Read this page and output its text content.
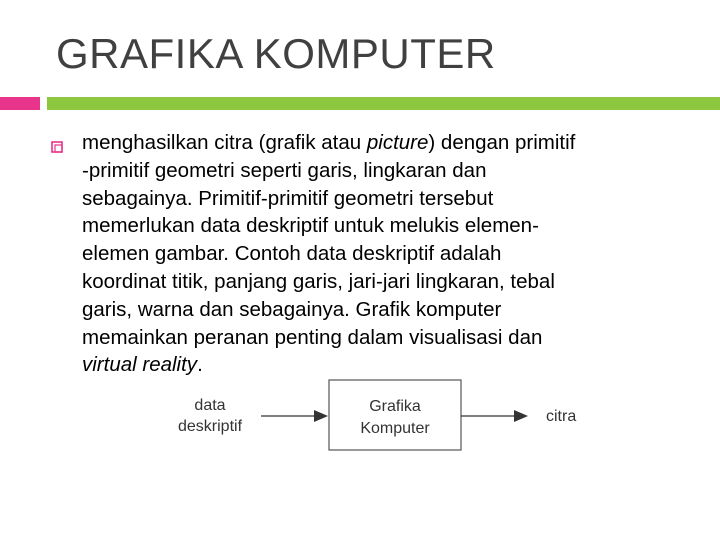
GRAFIKA KOMPUTER
menghasilkan citra (grafik atau picture) dengan primitif
-primitif geometri seperti garis, lingkaran dan
sebagainya. Primitif-primitif geometri tersebut
memerlukan data deskriptif untuk melukis elemen-
elemen gambar. Contoh data deskriptif adalah
koordinat titik, panjang garis, jari-jari lingkaran, tebal
garis, warna dan sebagainya. Grafik komputer
memainkan peranan penting dalam visualisasi dan
virtual reality.
data
deskriptif
Grafika
Komputer
citra
